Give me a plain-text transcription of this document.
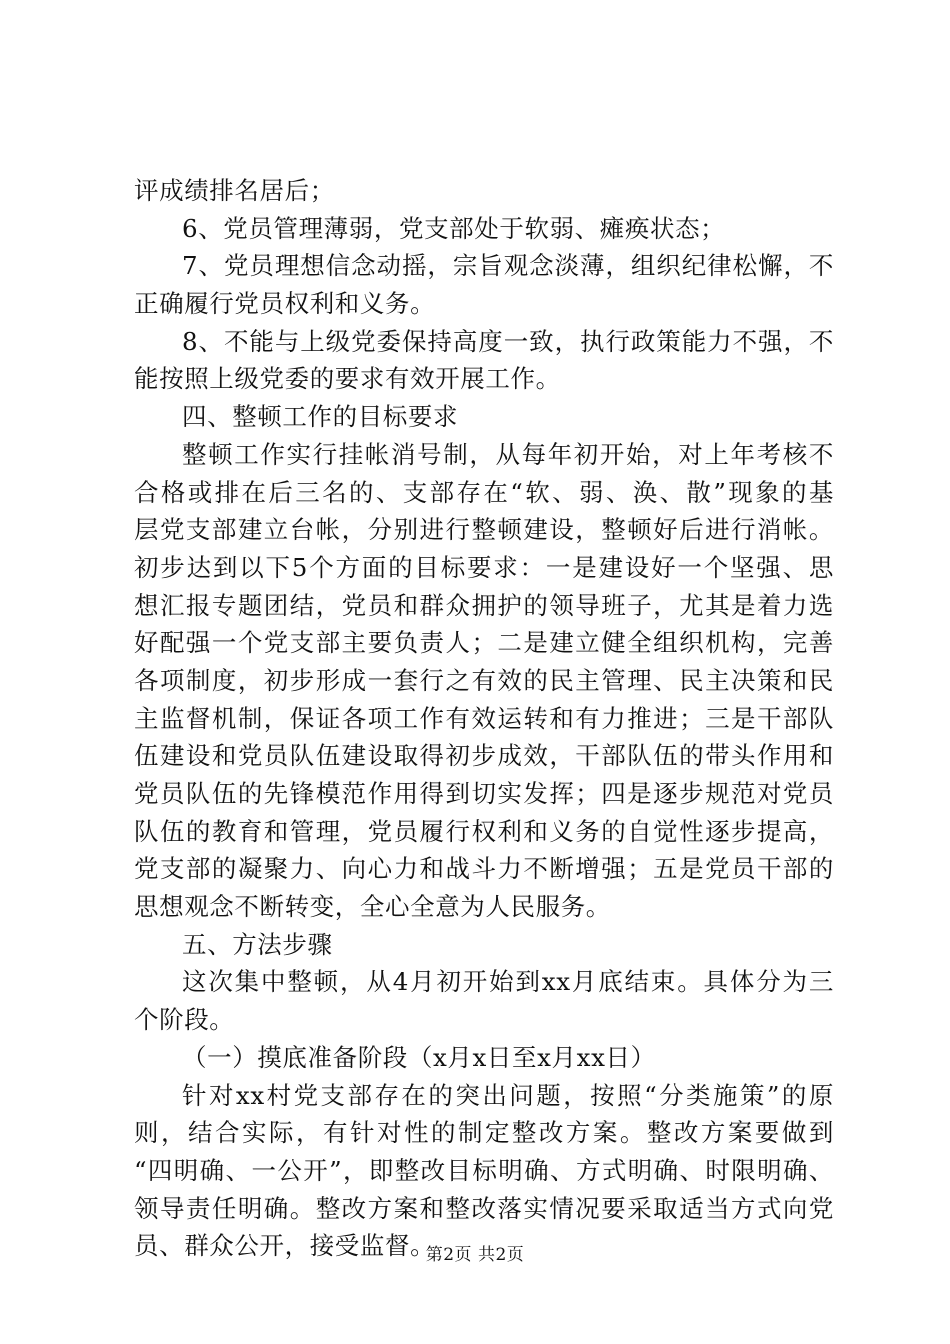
评成绩排名居后；
6、党员管理薄弱，党支部处于软弱、瘫痪状态；
7、党员理想信念动摇，宗旨观念淡薄，组织纪律松懈，不
正确履行党员权利和义务。
8、不能与上级党委保持高度一致，执行政策能力不强，不
能按照上级党委的要求有效开展工作。
四、整顿工作的目标要求
整顿工作实行挂帐消号制，从每年初开始，对上年考核不
合格或排在后三名的、支部存在“软、弱、涣、散”现象的基
层党支部建立台帐，分别进行整顿建设，整顿好后进行消帐。
初步达到以下5个方面的目标要求：一是建设好一个坚强、思
想汇报专题团结，党员和群众拥护的领导班子，尤其是着力选
好配强一个党支部主要负责人；二是建立健全组织机构，完善
各项制度，初步形成一套行之有效的民主管理、民主决策和民
主监督机制，保证各项工作有效运转和有力推进；三是干部队
伍建设和党员队伍建设取得初步成效，干部队伍的带头作用和
党员队伍的先锋模范作用得到切实发挥；四是逐步规范对党员
队伍的教育和管理，党员履行权利和义务的自觉性逐步提高，
党支部的凝聚力、向心力和战斗力不断增强；五是党员干部的
思想观念不断转变，全心全意为人民服务。
五、方法步骤
这次集中整顿，从4月初开始到xx月底结束。具体分为三
个阶段。
（一）摸底准备阶段（x月x日至x月xx日）
针对xx村党支部存在的突出问题，按照“分类施策”的原
则，结合实际，有针对性的制定整改方案。整改方案要做到
“四明确、一公开”，即整改目标明确、方式明确、时限明确、
领导责任明确。整改方案和整改落实情况要采取适当方式向党
员、群众公开，接受监督。
第2页 共2页
